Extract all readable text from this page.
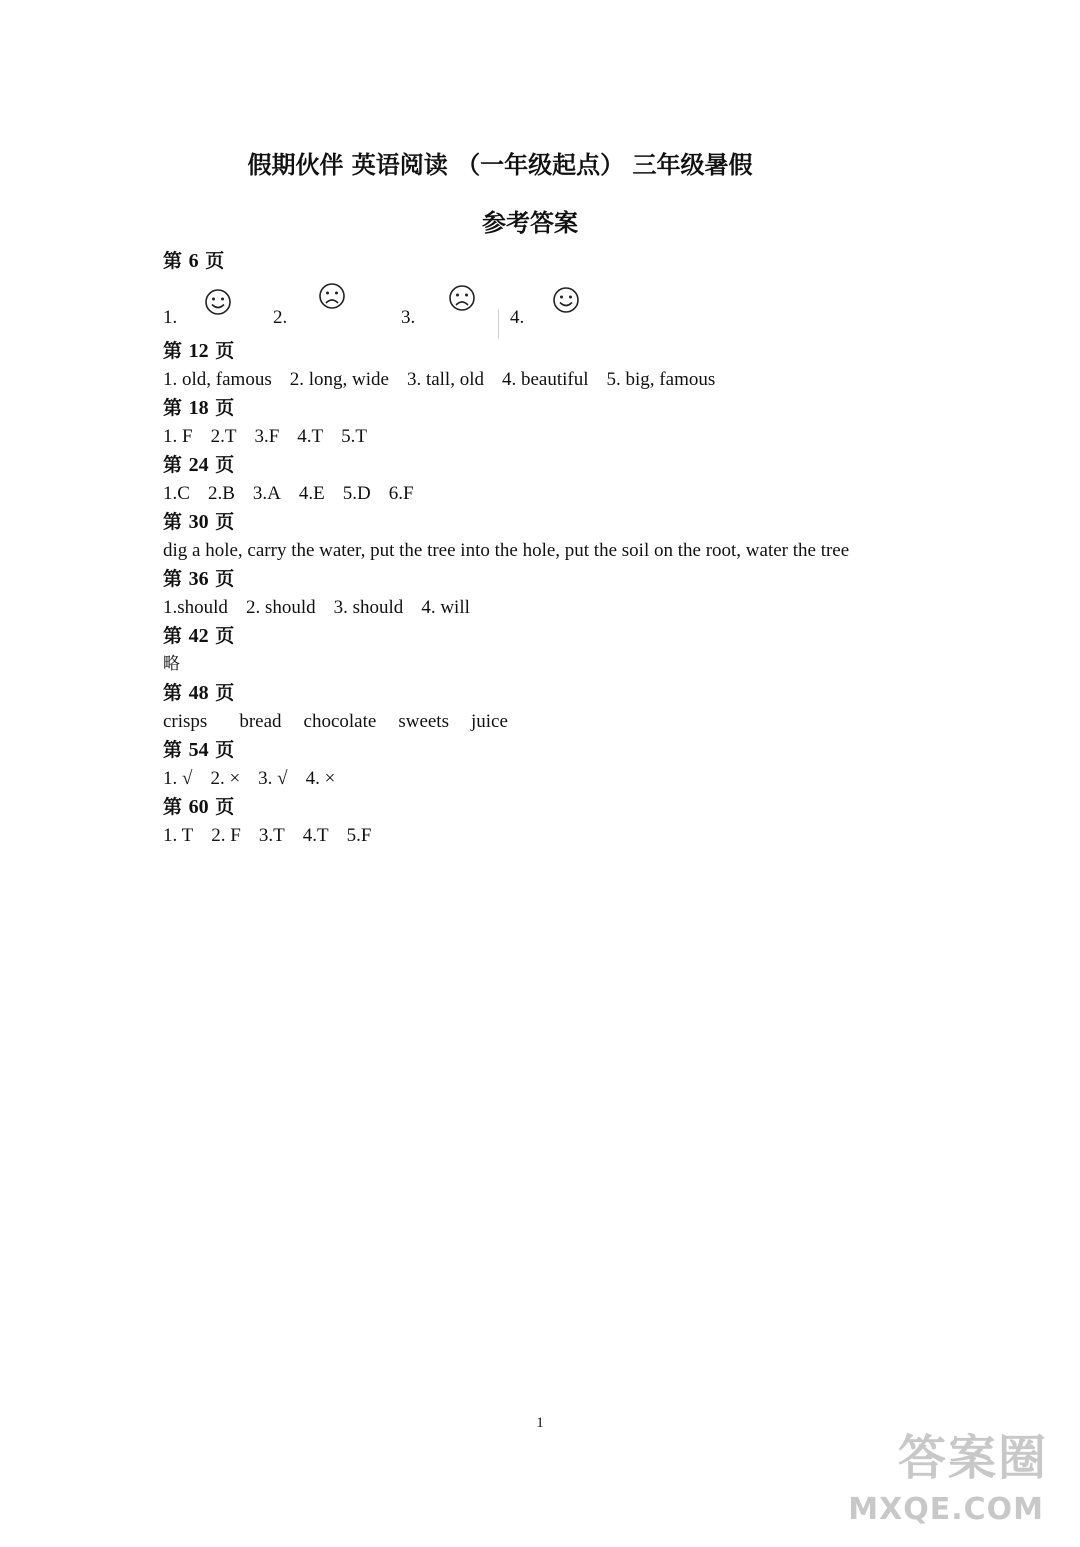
假期伙伴 英语阅读 （一年级起点） 三年级暑假
参考答案
第 6 页
1.	2.	3.	4.
第 12 页
1. old, famous 2. long, wide 3. tall, old 4. beautiful 5. big, famous
第 18 页
1. F 2.T 3.F 4.T 5.T
第 24 页
1.C 2.B 3.A 4.E 5.D 6.F
第 30 页
dig a hole, carry the water, put the tree into the hole, put the soil on the root, water the tree
第 36 页
1.should 2. should 3. should 4. will
第 42 页
略
第 48 页
crisps bread chocolate sweets juice
第 54 页
1. √ 2. × 3. √ 4. ×
第 60 页
1. T 2. F 3.T 4.T 5.F
1
答案圈
MXQE.COM
